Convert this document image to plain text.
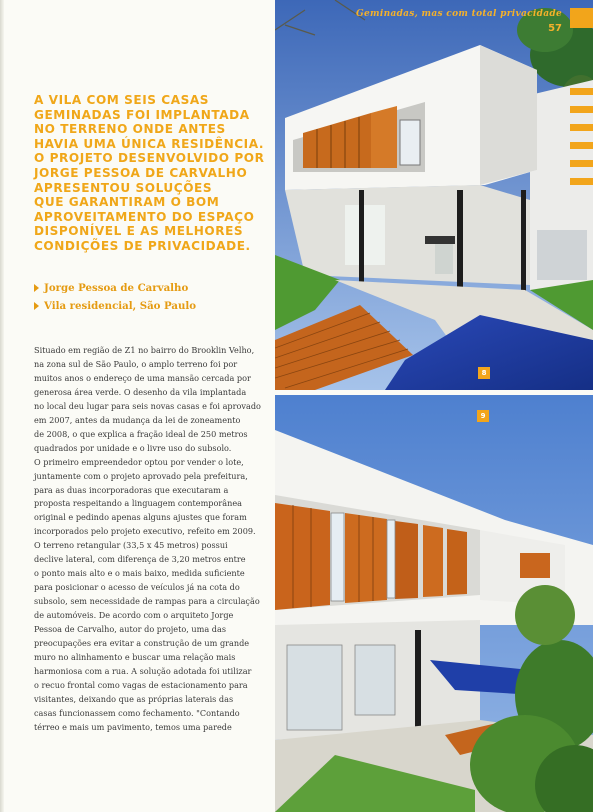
A VILA COM SEIS CASAS
GEMINADAS FOI IMPLANTADA
NO TERRENO ONDE ANTES
HAVIA UMA ÚNICA RESIDÊNCIA.
O PROJETO DESENVOLVIDO POR
JORGE PESSOA DE CARVALHO
APRESENTOU SOLUÇÕES
QUE GARANTIRAM O BOM
APROVEITAMENTO DO ESPAÇO
DISPONÍVEL E AS MELHORES
CONDIÇÕES DE PRIVACIDADE.
Jorge Pessoa de Carvalho
Vila residencial, São Paulo

Situado em região de Z1 no bairro do Brooklin Velho,

na zona sul de São Paulo, o amplo terreno foi por

muitos anos o endereço de uma mansão cercada por

generosa área verde. O desenho da vila implantada

no local deu lugar para seis novas casas e foi aprovado

em 2007, antes da mudança da lei de zoneamento

de 2008, o que explica a fração ideal de 250 metros

quadrados por unidade e o livre uso do subsolo.

O primeiro empreendedor optou por vender o lote,

juntamente com o projeto aprovado pela prefeitura,

para as duas incorporadoras que executaram a

proposta respeitando a linguagem contemporânea

original e pedindo apenas alguns ajustes que foram

incorporados pelo projeto executivo, refeito em 2009.

O terreno retangular (33,5 x 45 metros) possui

declive lateral, com diferença de 3,20 metros entre

o ponto mais alto e o mais baixo, medida suficiente

para posicionar o acesso de veículos já na cota do

subsolo, sem necessidade de rampas para a circulação

de automóveis. De acordo com o arquiteto Jorge

Pessoa de Carvalho, autor do projeto, uma das

preocupações era evitar a construção de um grande

muro no alinhamento e buscar uma relação mais

harmoniosa com a rua. A solução adotada foi utilizar

o recuo frontal como vagas de estacionamento para

visitantes, deixando que as próprias laterais das

casas funcionassem como fechamento. "Contando

térreo e mais um pavimento, temos uma parede

8
9
Geminadas, mas com total privacidade
57
